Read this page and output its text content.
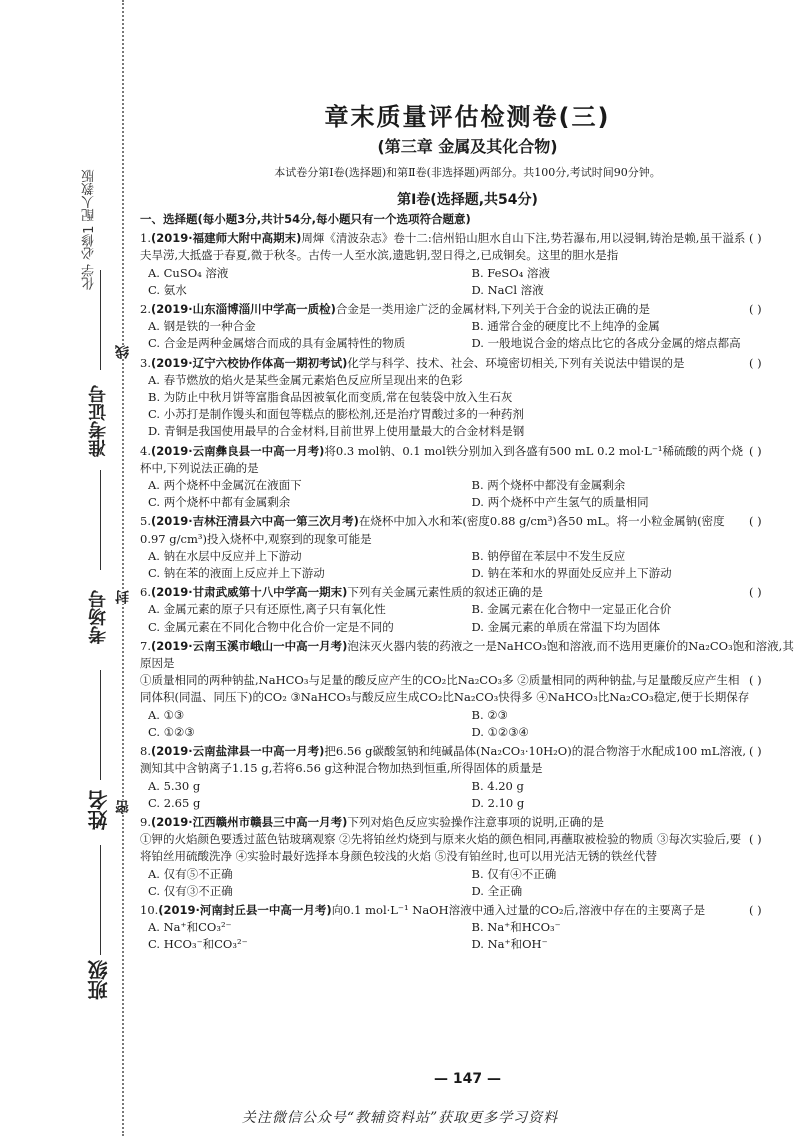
化学 必修1 配人教版
准考证号
考场号
姓名
班级
线
封
密
章末质量评估检测卷(三)
(第三章 金属及其化合物)
本试卷分第Ⅰ卷(选择题)和第Ⅱ卷(非选择题)两部分。共100分,考试时间90分钟。
第Ⅰ卷(选择题,共54分)
一、选择题(每小题3分,共计54分,每小题只有一个选项符合题意)

( )
1.(2019·福建师大附中高期末)周煇《清波杂志》卷十二:信州铅山胆水自山下注,势若瀑布,用以浸铜,铸治是赖,虽干溢系夫旱涝,大抵盛于春夏,微于秋冬。古传一人至水滨,遗匙钥,翌日得之,已成铜矣。这里的胆水是指

A. CuSO₄ 溶液	B. FeSO₄ 溶液
C. 氨水	D. NaCl 溶液

( )
2.(2019·山东淄博淄川中学高一质检)合金是一类用途广泛的金属材料,下列关于合金的说法正确的是

A. 钢是铁的一种合金	B. 通常合金的硬度比不上纯净的金属
C. 合金是两种金属熔合而成的具有金属特性的物质	D. 一般地说合金的熔点比它的各成分金属的熔点都高

( )
3.(2019·辽宁六校协作体高一期初考试)化学与科学、技术、社会、环境密切相关,下列有关说法中错误的是

A. 春节燃放的焰火是某些金属元素焰色反应所呈现出来的色彩
B. 为防止中秋月饼等富脂食品因被氧化而变质,常在包装袋中放入生石灰
C. 小苏打是制作馒头和面包等糕点的膨松剂,还是治疗胃酸过多的一种药剂
D. 青铜是我国使用最早的合金材料,目前世界上使用量最大的合金材料是钢

( )
4.(2019·云南彝良县一中高一月考)将0.3 mol钠、0.1 mol铁分别加入到各盛有500 mL 0.2 mol·L⁻¹稀硫酸的两个烧杯中,下列说法正确的是

A. 两个烧杯中金属沉在液面下	B. 两个烧杯中都没有金属剩余
C. 两个烧杯中都有金属剩余	D. 两个烧杯中产生氢气的质量相同

( )
5.(2019·吉林汪清县六中高一第三次月考)在烧杯中加入水和苯(密度0.88 g/cm³)各50 mL。将一小粒金属钠(密度0.97 g/cm³)投入烧杯中,观察到的现象可能是

A. 钠在水层中反应并上下游动	B. 钠停留在苯层中不发生反应
C. 钠在苯的液面上反应并上下游动	D. 钠在苯和水的界面处反应并上下游动

( )
6.(2019·甘肃武威第十八中学高一期末)下列有关金属元素性质的叙述正确的是

A. 金属元素的原子只有还原性,离子只有氧化性	B. 金属元素在化合物中一定显正化合价
C. 金属元素在不同化合物中化合价一定是不同的	D. 金属元素的单质在常温下均为固体

7.(2019·云南玉溪市峨山一中高一月考)泡沫灭火器内装的药液之一是NaHCO₃饱和溶液,而不选用更廉价的Na₂CO₃饱和溶液,其原因是
( )

①质量相同的两种钠盐,NaHCO₃与足量的酸反应产生的CO₂比Na₂CO₃多 ②质量相同的两种钠盐,与足量酸反应产生相同体积(同温、同压下)的CO₂ ③NaHCO₃与酸反应生成CO₂比Na₂CO₃快得多 ④NaHCO₃比Na₂CO₃稳定,便于长期保存
A. ①③	B. ②③
C. ①②③	D. ①②③④

( )
8.(2019·云南盐津县一中高一月考)把6.56 g碳酸氢钠和纯碱晶体(Na₂CO₃·10H₂O)的混合物溶于水配成100 mL溶液,测知其中含钠离子1.15 g,若将6.56 g这种混合物加热到恒重,所得固体的质量是

A. 5.30 g	B. 4.20 g
C. 2.65 g	D. 2.10 g

9.(2019·江西赣州市赣县三中高一月考)下列对焰色反应实验操作注意事项的说明,正确的是
( )

①钾的火焰颜色要透过蓝色钴玻璃观察 ②先将铂丝灼烧到与原来火焰的颜色相同,再蘸取被检验的物质 ③每次实验后,要将铂丝用硫酸洗净 ④实验时最好选择本身颜色较浅的火焰 ⑤没有铂丝时,也可以用光洁无锈的铁丝代替
A. 仅有⑤不正确	B. 仅有④不正确
C. 仅有③不正确	D. 全正确

( )
10.(2019·河南封丘县一中高一月考)向0.1 mol·L⁻¹ NaOH溶液中通入过量的CO₂后,溶液中存在的主要离子是

A. Na⁺和CO₃²⁻	B. Na⁺和HCO₃⁻
C. HCO₃⁻和CO₃²⁻	D. Na⁺和OH⁻
— 147 —
关注微信公众号“教辅资料站”获取更多学习资料
